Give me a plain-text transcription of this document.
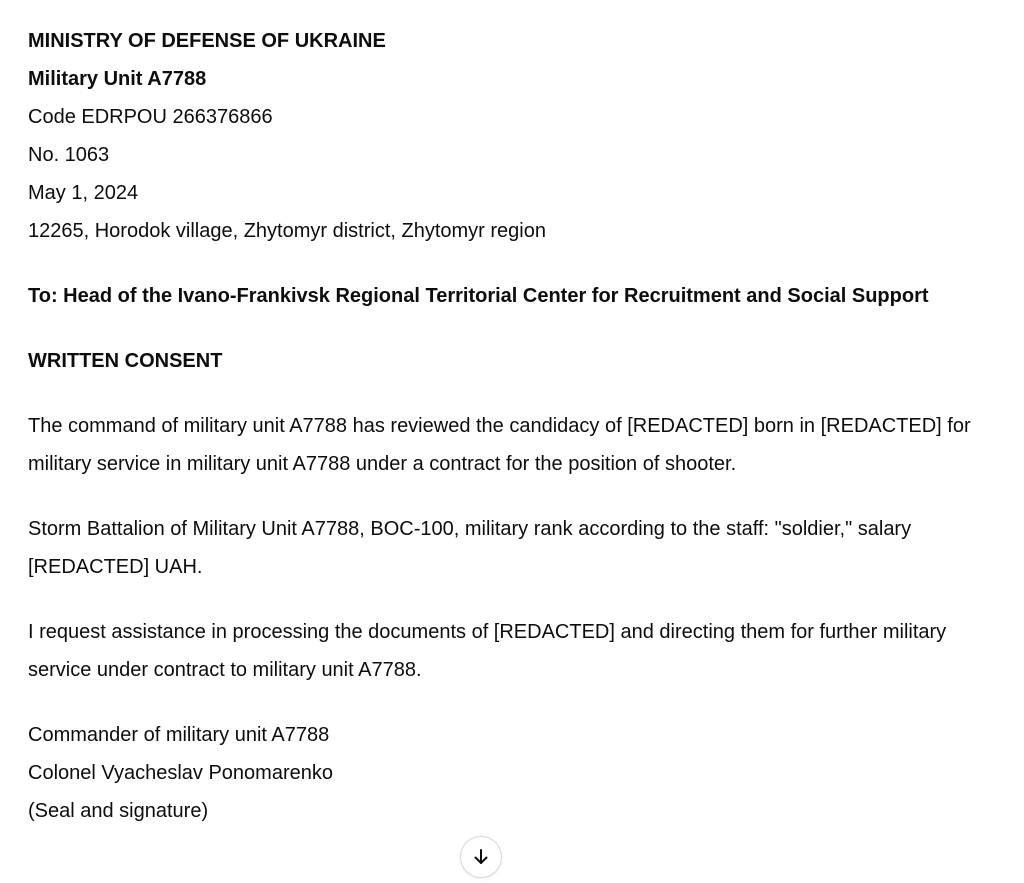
MINISTRY OF DEFENSE OF UKRAINE
Military Unit A7788
Code EDRPOU 266376866
No. 1063
May 1, 2024
12265, Horodok village, Zhytomyr district, Zhytomyr region
To: Head of the Ivano-Frankivsk Regional Territorial Center for Recruitment and Social Support
WRITTEN CONSENT
The command of military unit A7788 has reviewed the candidacy of [REDACTED] born in [REDACTED] for military service in military unit A7788 under a contract for the position of shooter.
Storm Battalion of Military Unit A7788, BOC-100, military rank according to the staff: "soldier," salary [REDACTED] UAH.
I request assistance in processing the documents of [REDACTED] and directing them for further military service under contract to military unit A7788.
Commander of military unit A7788
Colonel Vyacheslav Ponomarenko
(Seal and signature)
